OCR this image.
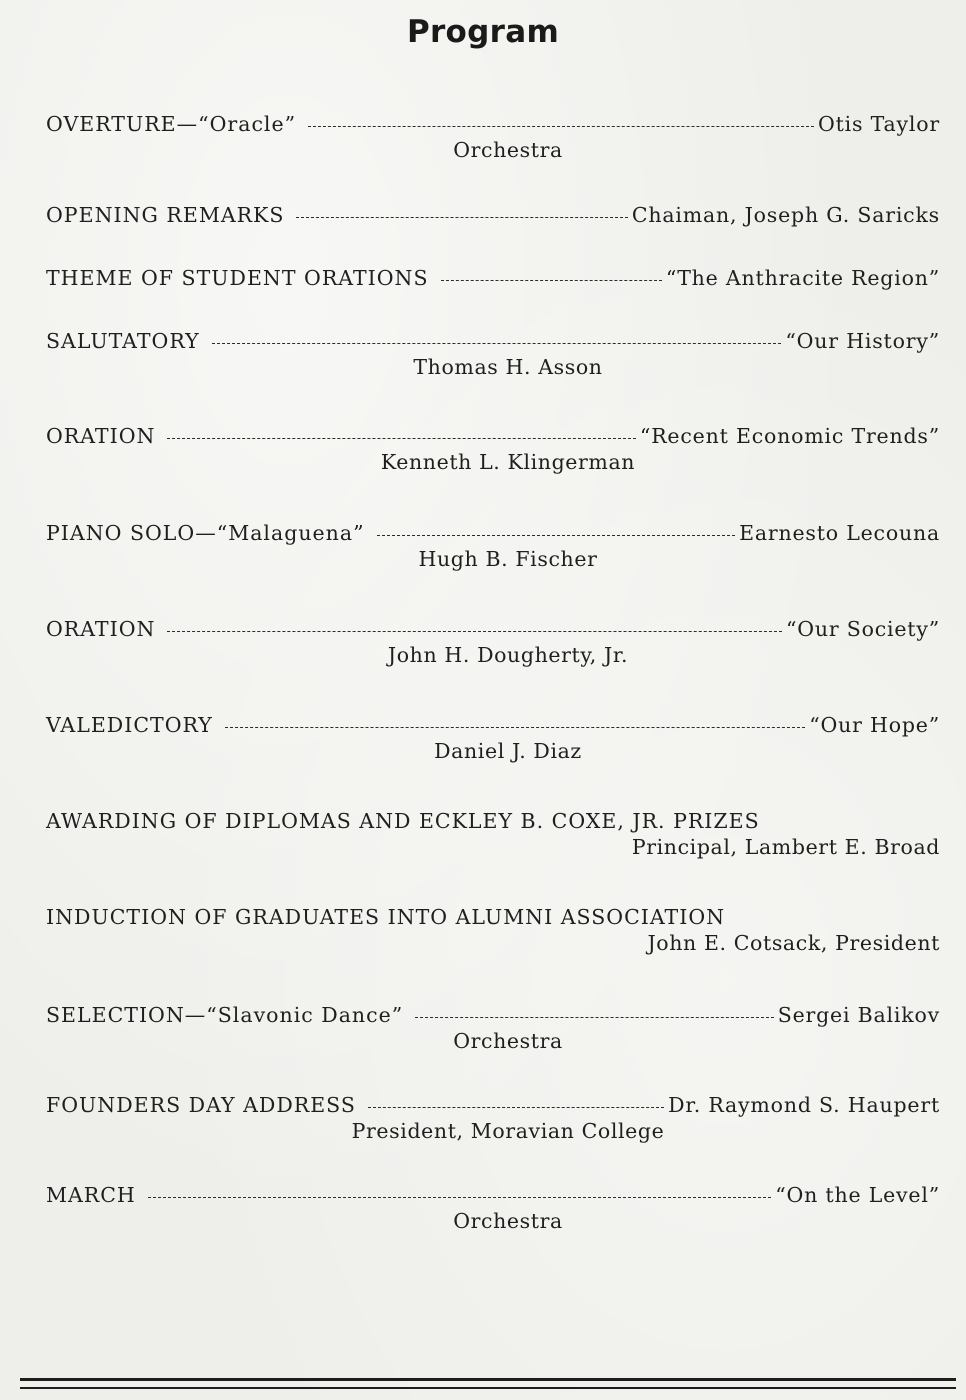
Program
OVERTURE—“Oracle”	Otis Taylor
Orchestra
OPENING REMARKS	Chaiman, Joseph G. Saricks
THEME OF STUDENT ORATIONS	“The Anthracite Region”
SALUTATORY	“Our History”
Thomas H. Asson
ORATION	“Recent Economic Trends”
Kenneth L. Klingerman
PIANO SOLO—“Malaguena”	Earnesto Lecouna
Hugh B. Fischer
ORATION	“Our Society”
John H. Dougherty, Jr.
VALEDICTORY	“Our Hope”
Daniel J. Diaz
AWARDING OF DIPLOMAS AND ECKLEY B. COXE, JR. PRIZES
Principal, Lambert E. Broad
INDUCTION OF GRADUATES INTO ALUMNI ASSOCIATION
John E. Cotsack, President
SELECTION—“Slavonic Dance”	Sergei Balikov
Orchestra
FOUNDERS DAY ADDRESS	Dr. Raymond S. Haupert
President, Moravian College
MARCH	“On the Level”
Orchestra
